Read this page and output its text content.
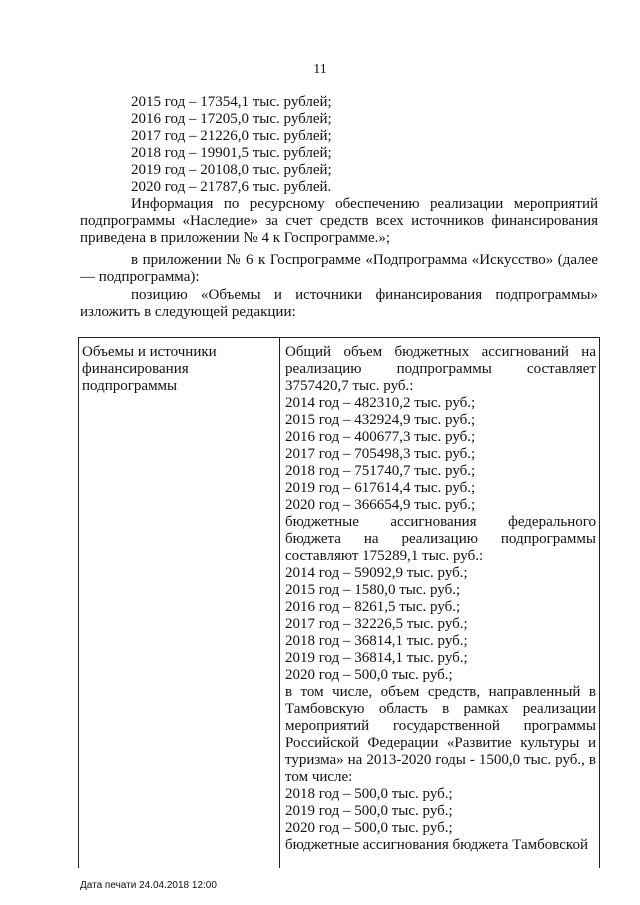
11
2015 год – 17354,1 тыс. рублей;
2016 год – 17205,0 тыс. рублей;
2017 год – 21226,0 тыс. рублей;
2018 год – 19901,5 тыс. рублей;
2019 год – 20108,0 тыс. рублей;
2020 год – 21787,6 тыс. рублей.

Информация по ресурсному обеспечению реализации мероприятий подпрограммы «Наследие» за счет средств всех источников финансирования приведена в приложении № 4 к Госпрограмме.»;

в приложении № 6 к Госпрограмме «Подпрограмма «Искусство» (далее — подпрограмма):

позицию «Объемы и источники финансирования подпрограммы» изложить в следующей редакции:

Объемы и источники финансирования подпрограммы
Общий объем бюджетных ассигнований на реализацию подпрограммы составляет 3757420,7 тыс. руб.:
2014 год – 482310,2 тыс. руб.;
2015 год – 432924,9 тыс. руб.;
2016 год – 400677,3 тыс. руб.;
2017 год – 705498,3 тыс. руб.;
2018 год – 751740,7 тыс. руб.;
2019 год – 617614,4 тыс. руб.;
2020 год – 366654,9 тыс. руб.;
бюджетные ассигнования федерального бюджета на реализацию подпрограммы составляют 175289,1 тыс. руб.:
2014 год – 59092,9 тыс. руб.;
2015 год – 1580,0 тыс. руб.;
2016 год – 8261,5 тыс. руб.;
2017 год – 32226,5 тыс. руб.;
2018 год – 36814,1 тыс. руб.;
2019 год – 36814,1 тыс. руб.;
2020 год – 500,0 тыс. руб.;
в том числе, объем средств, направленный в Тамбовскую область в рамках реализации мероприятий государственной программы Российской Федерации «Развитие культуры и туризма» на 2013-2020 годы - 1500,0 тыс. руб., в том числе:
2018 год – 500,0 тыс. руб.;
2019 год – 500,0 тыс. руб.;
2020 год – 500,0 тыс. руб.;
бюджетные ассигнования бюджета Тамбовской
Дата печати 24.04.2018 12:00
